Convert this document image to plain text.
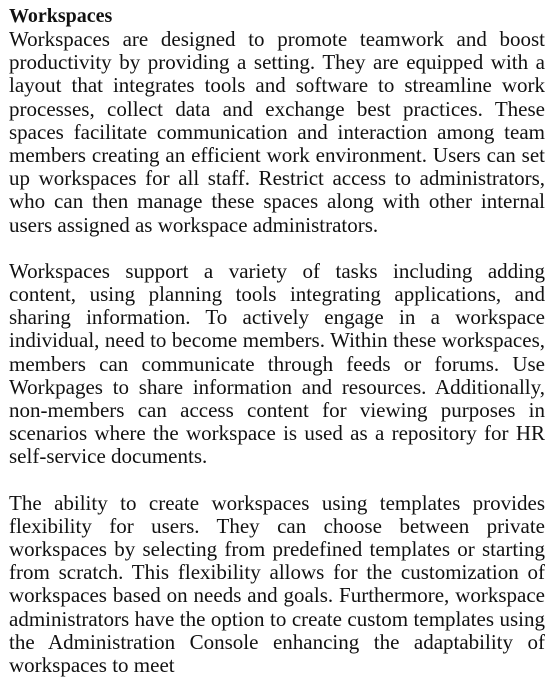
Workspaces

Workspaces are designed to promote teamwork and boost productivity by providing a setting. They are equipped with a layout that integrates tools and software to streamline work processes, collect data and exchange best practices. These spaces facilitate communication and interaction among team members creating an efficient work environment. Users can set up workspaces for all staff. Restrict access to administrators, who can then manage these spaces along with other internal users assigned as workspace administrators.

Workspaces support a variety of tasks including adding content, using planning tools integrating applications, and sharing information. To actively engage in a workspace individual, need to become members. Within these workspaces, members can communicate through feeds or forums. Use Workpages to share information and resources. Additionally, non-members can access content for viewing purposes in scenarios where the workspace is used as a repository for HR self-service documents.

The ability to create workspaces using templates provides flexibility for users. They can choose between private workspaces by selecting from predefined templates or starting from scratch. This flexibility allows for the customization of workspaces based on needs and goals. Furthermore, workspace administrators have the option to create custom templates using the Administration Console enhancing the adaptability of workspaces to meet
